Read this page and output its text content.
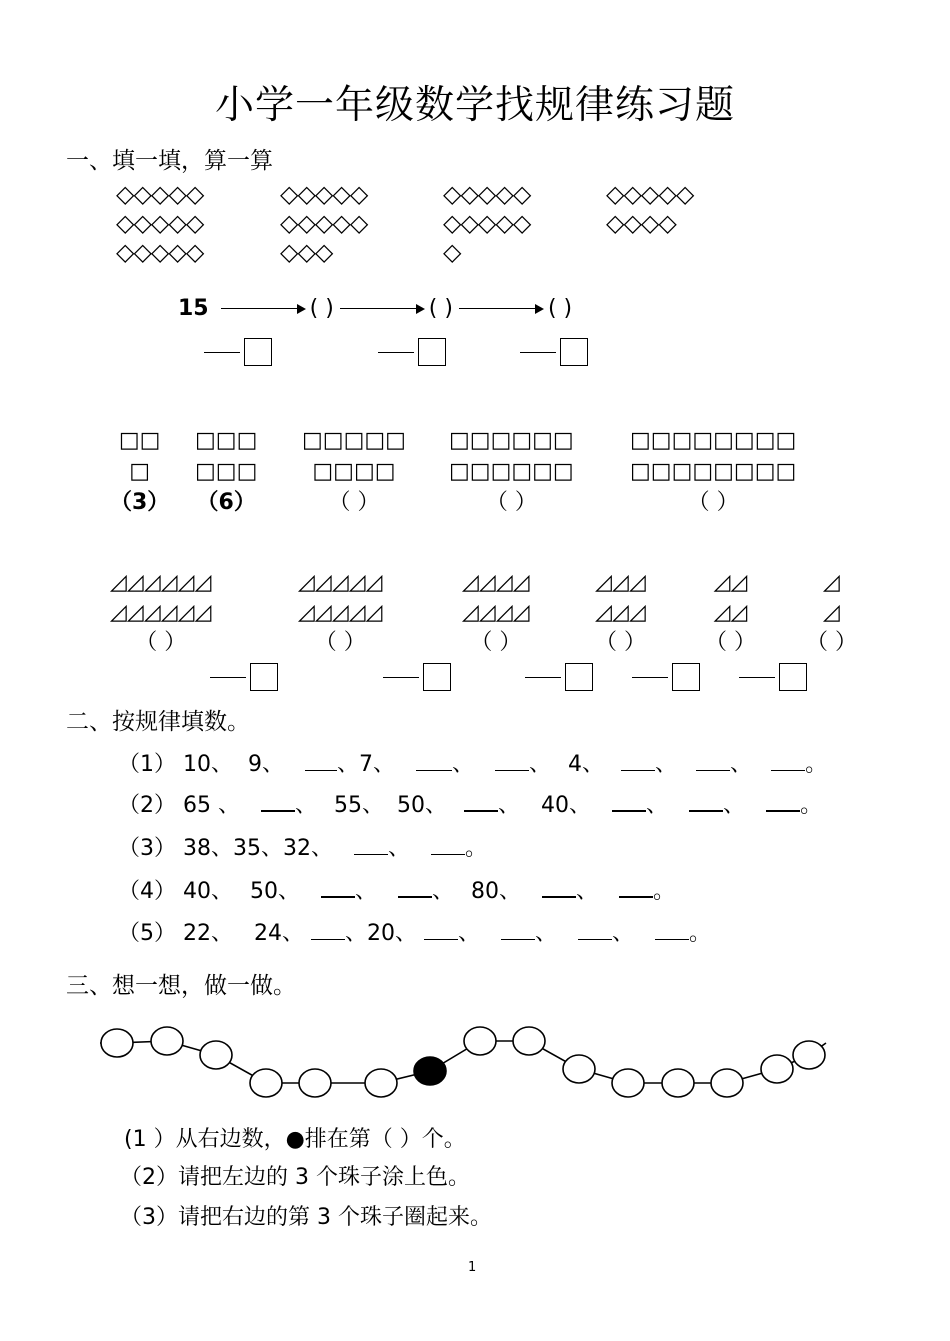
小学一年级数学找规律练习题
一、填一填，算一算
◇◇◇◇◇
◇◇◇◇◇
◇◇◇◇◇
◇◇◇◇◇
◇◇◇◇◇
◇◇◇
◇◇◇◇◇
◇◇◇◇◇
◇
◇◇◇◇◇
◇◇◇◇
15	( )	( )	( )
□□
□
（3）
□□□
□□□
（6）
□□□□□
□□□□
（ ）
□□□□□□
□□□□□□
（ ）
□□□□□□□□
□□□□□□□□
（ ）
◿◿◿◿◿◿
◿◿◿◿◿◿
（ ）
◿◿◿◿◿
◿◿◿◿◿
（ ）
◿◿◿◿
◿◿◿◿
（ ）
◿◿◿
◿◿◿
（ ）
◿◿
◿◿
（ ）
◿
◿
（ ）
二、按规律填数。
（1） 10、 9、 、7、	、	、 4、 、 、 。
（2） 65 、	、 55、 50、 、 40、	、	、	。
（3） 38、35、32、	、	。
（4） 40、 50、	、	、 80、	、	。
（5） 22、 24、 、20、 、	、	、	。
三、想一想，做一做。
(1 ）从右边数，●排在第（ ）个。
（2）请把左边的 3 个珠子涂上色。
（3）请把右边的第 3 个珠子圈起来。
1
